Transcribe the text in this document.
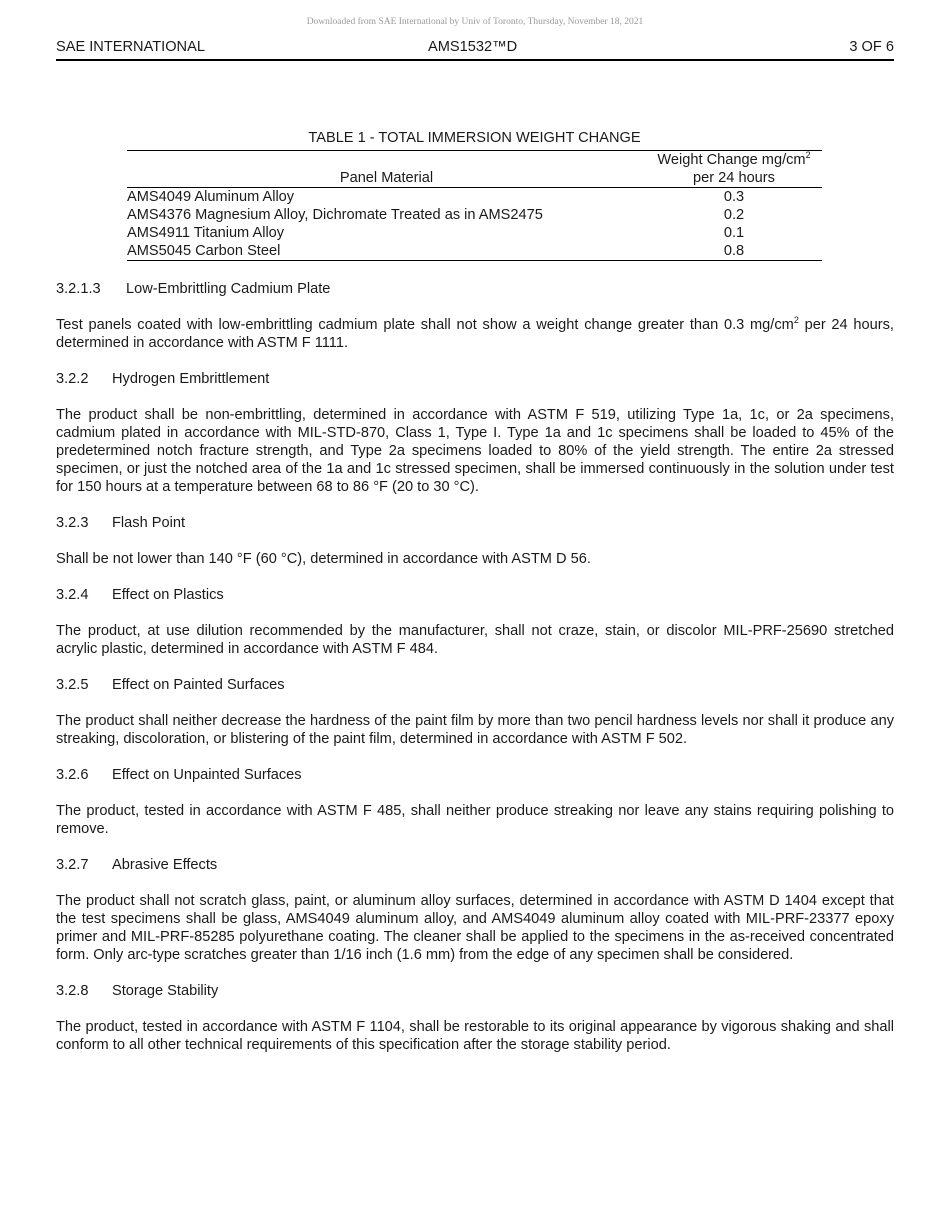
Downloaded from SAE International by Univ of Toronto, Thursday, November 18, 2021
SAE INTERNATIONAL	AMS1532™D	3 OF 6
TABLE 1 - TOTAL IMMERSION WEIGHT CHANGE
Panel Material	Weight Change $mg/cm^2$
per 24 hours
AMS4049 Aluminum Alloy	0.3
AMS4376 Magnesium Alloy, Dichromate Treated as in AMS2475	0.2
AMS4911 Titanium Alloy	0.1
AMS5045 Carbon Steel	0.8
3.2.1.3 Low-Embrittling Cadmium Plate

Test panels coated with low-embrittling cadmium plate shall not show a weight change greater than 0.3 $mg/cm^2$ per 24 hours, determined in accordance with ASTM F 1111.

3.2.2 Hydrogen Embrittlement

The product shall be non-embrittling, determined in accordance with ASTM F 519, utilizing Type 1a, 1c, or 2a specimens, cadmium plated in accordance with MIL-STD-870, Class 1, Type I. Type 1a and 1c specimens shall be loaded to 45% of the predetermined notch fracture strength, and Type 2a specimens loaded to 80% of the yield strength. The entire 2a stressed specimen, or just the notched area of the 1a and 1c stressed specimen, shall be immersed continuously in the solution under test for 150 hours at a temperature between 68 to 86 °F (20 to 30 °C).

3.2.3 Flash Point

Shall be not lower than 140 °F (60 °C), determined in accordance with ASTM D 56.

3.2.4 Effect on Plastics

The product, at use dilution recommended by the manufacturer, shall not craze, stain, or discolor MIL-PRF-25690 stretched acrylic plastic, determined in accordance with ASTM F 484.

3.2.5 Effect on Painted Surfaces

The product shall neither decrease the hardness of the paint film by more than two pencil hardness levels nor shall it produce any streaking, discoloration, or blistering of the paint film, determined in accordance with ASTM F 502.

3.2.6 Effect on Unpainted Surfaces

The product, tested in accordance with ASTM F 485, shall neither produce streaking nor leave any stains requiring polishing to remove.

3.2.7 Abrasive Effects

The product shall not scratch glass, paint, or aluminum alloy surfaces, determined in accordance with ASTM D 1404 except that the test specimens shall be glass, AMS4049 aluminum alloy, and AMS4049 aluminum alloy coated with MIL-PRF-23377 epoxy primer and MIL-PRF-85285 polyurethane coating. The cleaner shall be applied to the specimens in the as-received concentrated form. Only arc-type scratches greater than 1/16 inch (1.6 mm) from the edge of any specimen shall be considered.

3.2.8 Storage Stability

The product, tested in accordance with ASTM F 1104, shall be restorable to its original appearance by vigorous shaking and shall conform to all other technical requirements of this specification after the storage stability period.
